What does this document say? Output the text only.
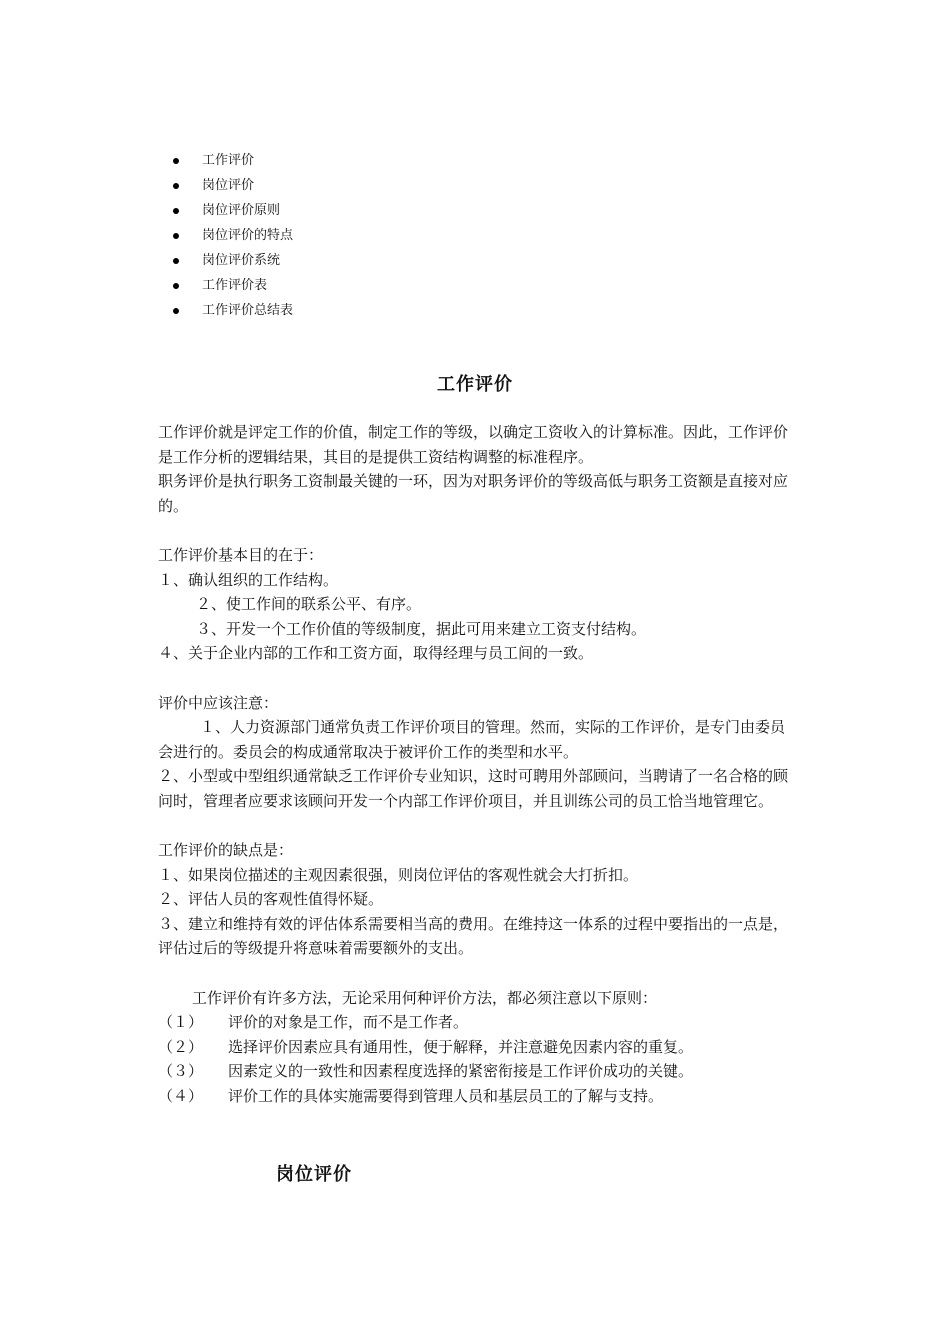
工作评价
岗位评价
岗位评价原则
岗位评价的特点
岗位评价系统
工作评价表
工作评价总结表
工作评价

工作评价就是评定工作的价值，制定工作的等级，以确定工资收入的计算标准。因此，工作评价是工作分析的逻辑结果，其目的是提供工资结构调整的标准程序。

职务评价是执行职务工资制最关键的一环，因为对职务评价的等级高低与职务工资额是直接对应的。

工作评价基本目的在于：

１、确认组织的工作结构。

２、使工作间的联系公平、有序。

３、开发一个工作价值的等级制度，据此可用来建立工资支付结构。

４、关于企业内部的工作和工资方面，取得经理与员工间的一致。

评价中应该注意：

１、人力资源部门通常负责工作评价项目的管理。然而，实际的工作评价，是专门由委员会进行的。委员会的构成通常取决于被评价工作的类型和水平。

２、小型或中型组织通常缺乏工作评价专业知识，这时可聘用外部顾问，当聘请了一名合格的顾问时，管理者应要求该顾问开发一个内部工作评价项目，并且训练公司的员工恰当地管理它。

工作评价的缺点是：

１、如果岗位描述的主观因素很强，则岗位评估的客观性就会大打折扣。

２、评估人员的客观性值得怀疑。

３、建立和维持有效的评估体系需要相当高的费用。在维持这一体系的过程中要指出的一点是，评估过后的等级提升将意味着需要额外的支出。

工作评价有许多方法，无论采用何种评价方法，都必须注意以下原则：

（１）	评价的对象是工作，而不是工作者。
（２）	选择评价因素应具有通用性，便于解释，并注意避免因素内容的重复。
（３）	因素定义的一致性和因素程度选择的紧密衔接是工作评价成功的关键。
（４）	评价工作的具体实施需要得到管理人员和基层员工的了解与支持。
岗位评价
